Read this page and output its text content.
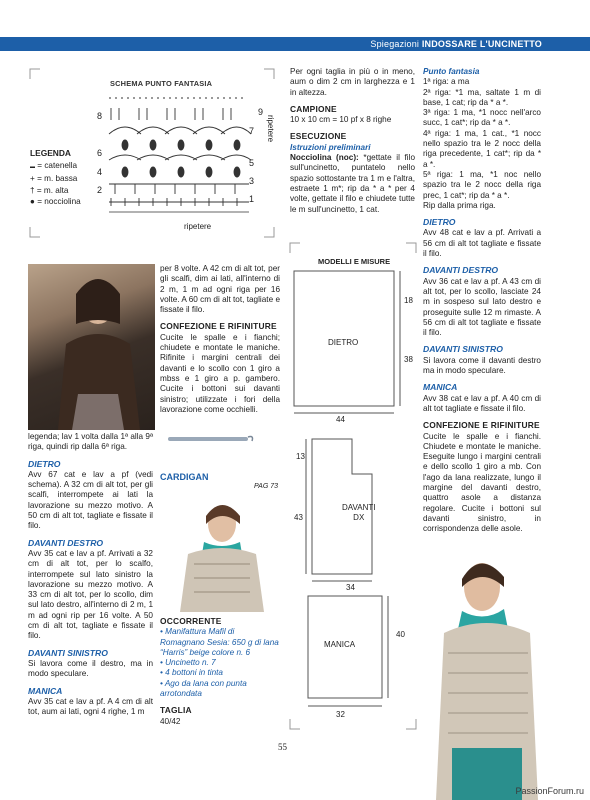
Spiegazioni INDOSSARE L'UNCINETTO
SCHEMA PUNTO FANTASIA
9
7
5
3
1
8
6
4
2
ripetere
ripetere
LEGENDA
▬ = catenella
+ = m. bassa
† = m. alta
● = nocciolina

legenda; lav 1 volta dalla 1ª alla 9ª riga, quindi rip dalla 6ª riga.

DIETRO

Avv 67 cat e lav a pf (vedi schema). A 32 cm di alt tot, per gli scalfi, interrompete ai lati la lavorazione su mezzo motivo. A 50 cm di alt tot, tagliate e fissate il filo.

DAVANTI DESTRO

Avv 35 cat e lav a pf. Arrivati a 32 cm di alt tot, per lo scalfo, interrompete sul lato sinistro la lavorazione su mezzo motivo. A 33 cm di alt tot, per lo scollo, dim sul lato destro, all'interno di 2 m, 1 m ad ogni rip per 16 volte. A 50 cm di alt tot, tagliate e fissate il filo.

DAVANTI SINISTRO

Si lavora come il destro, ma in modo speculare.

MANICA

Avv 35 cat e lav a pf. A 4 cm di alt tot, aum ai lati, ogni 4 righe, 1 m

per 8 volte. A 42 cm di alt tot, per gli scalfi, dim ai lati, all'interno di 2 m, 1 m ad ogni riga per 16 volte. A 60 cm di alt tot, tagliate e fissate il filo.

CONFEZIONE E RIFINITURE

Cucite le spalle e i fianchi; chiudete e montate le maniche. Rifinite i margini centrali dei davanti e lo scollo con 1 giro a mbss e 1 giro a p. gambero. Cucite i bottoni sui davanti sinistro; utilizzate i fori della lavorazione come occhielli.

CARDIGAN
PAG 73
OCCORRENTE

• Manifattura Mafil di Romagnano Sesia: 650 g di lana “Harris” beige colore n. 6

• Uncinetto n. 7

• 4 bottoni in tinta

• Ago da lana con punta arrotondata

TAGLIA

40/42

Per ogni taglia in più o in meno, aum o dim 2 cm in larghezza e 1 in altezza.

CAMPIONE

10 x 10 cm = 10 pf x 8 righe

ESECUZIONE

Istruzioni preliminari

Nocciolina (noc): *gettate il filo sull'uncinetto, puntatelo nello spazio sottostante tra 1 m e l'altra, estraete 1 m*; rip da * a * per 4 volte, gettate il filo e chiudete tutte le m sull'uncinetto, 1 cat.

MODELLI E MISURE
DIETRO
DAVANTI
DX
MANICA
18
38
44
13
43
34
40
32
Punto fantasia

1ª riga: a ma
2ª riga: *1 ma, saltate 1 m di base, 1 cat; rip da * a *.
3ª riga: 1 ma, *1 nocc nell'arco succ, 1 cat*; rip da * a *.
4ª riga: 1 ma, 1 cat., *1 nocc nello spazio tra le 2 nocc della riga precedente, 1 cat*; rip da * a *.
5ª riga: 1 ma, *1 noc nello spazio tra le 2 nocc della riga prec, 1 cat*; rip da * a *.
Rip dalla prima riga.

DIETRO

Avv 48 cat e lav a pf. Arrivati a 56 cm di alt tot tagliate e fissate il filo.

DAVANTI DESTRO

Avv 36 cat e lav a pf. A 43 cm di alt tot, per lo scollo, lasciate 24 m in sospeso sul lato destro e proseguite sulle 12 m rimaste. A 56 cm di alt tot tagliate e fissate il filo.

DAVANTI SINISTRO

Si lavora come il davanti destro ma in modo speculare.

MANICA

Avv 38 cat e lav a pf. A 40 cm di alt tot tagliate e fissate il filo.

CONFEZIONE E RIFINITURE

Cucite le spalle e i fianchi. Chiudete e montate le maniche. Eseguite lungo i margini centrali e dello scollo 1 giro a mb. Con l'ago da lana realizzate, lungo il margine del davanti destro, quattro asole a distanza regolare. Cucite i bottoni sul davanti sinistro, in corrispondenza delle asole.

55
PassionForum.ru
